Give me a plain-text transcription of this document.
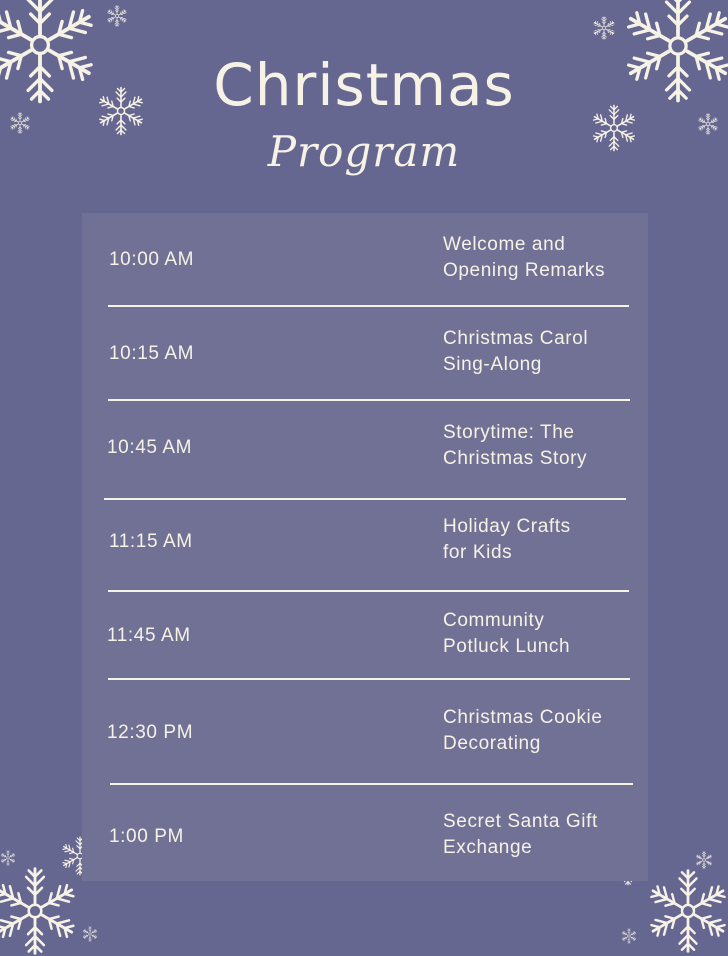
Christmas
Program
10:00 AM
Welcome and
Opening Remarks
10:15 AM
Christmas Carol
Sing-Along
10:45 AM
Storytime: The
Christmas Story
11:15 AM
Holiday Crafts
for Kids
11:45 AM
Community
Potluck Lunch
12:30 PM
Christmas Cookie
Decorating
1:00 PM
Secret Santa Gift
Exchange
